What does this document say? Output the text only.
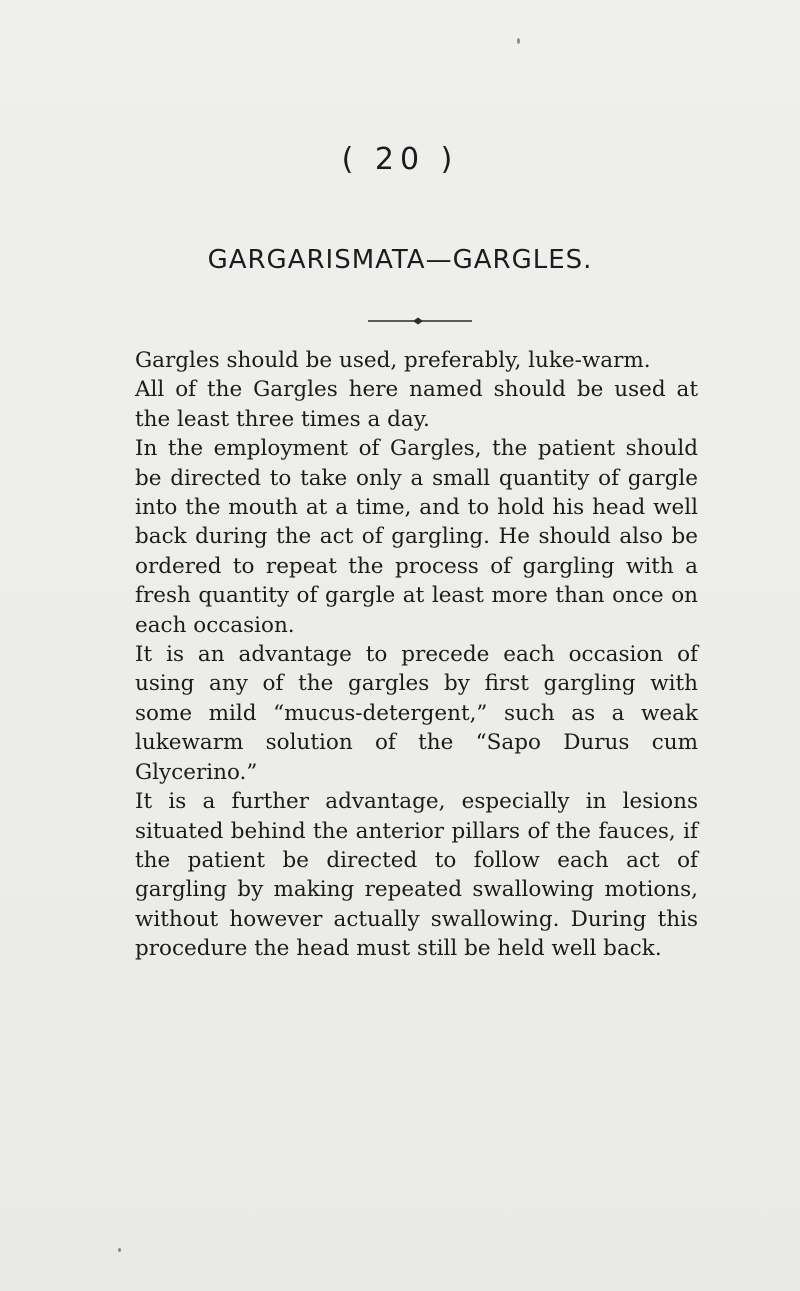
( 20 )
GARGARISMATA—GARGLES.

Gargles should be used, preferably, luke-warm.

All of the Gargles here named should be used at the least three times a day.

In the employment of Gargles, the patient should be directed to take only a small quantity of gargle into the mouth at a time, and to hold his head well back during the act of gargling. He should also be ordered to repeat the process of gargling with a fresh quantity of gargle at least more than once on each occasion.

It is an advantage to precede each occasion of using any of the gargles by first gargling with some mild “mucus-detergent,” such as a weak lukewarm solution of the “Sapo Durus cum Glycerino.”

It is a further advantage, especially in lesions situated behind the anterior pillars of the fauces, if the patient be directed to follow each act of gargling by making repeated swallowing motions, without however actually swallowing. During this procedure the head must still be held well back.
